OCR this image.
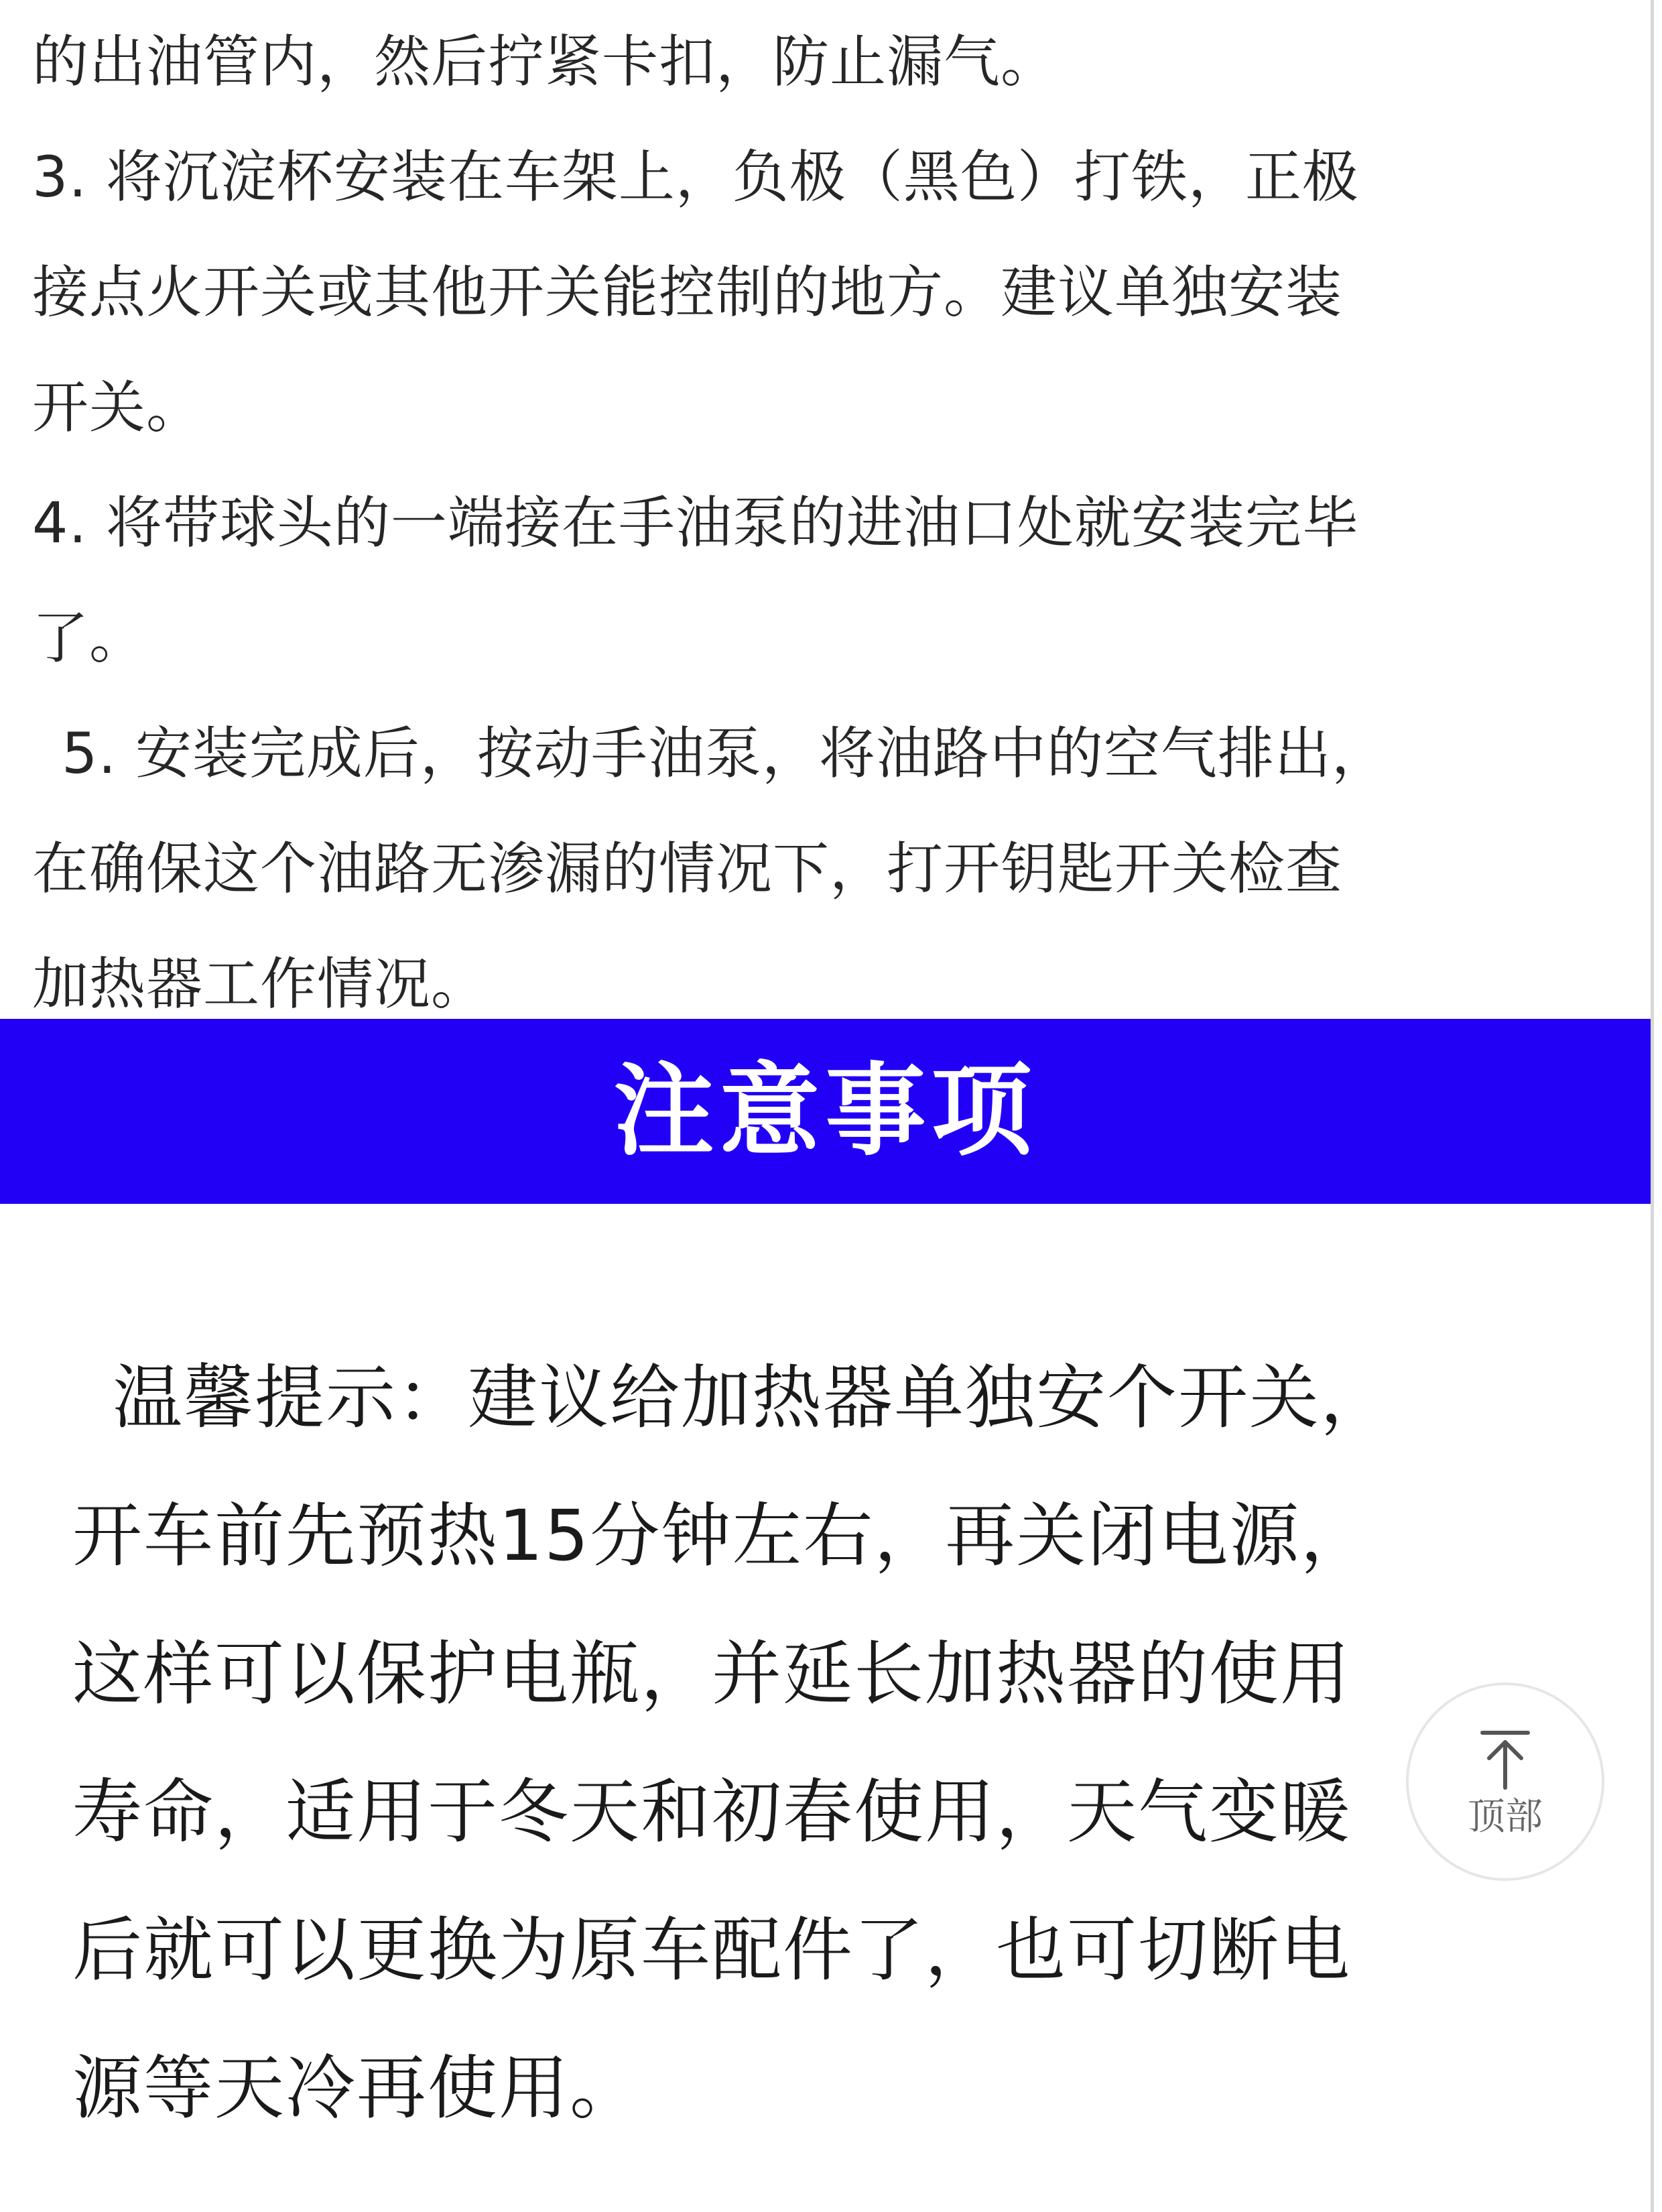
的出油管内，然后拧紧卡扣，防止漏气。
3. 将沉淀杯安装在车架上，负极（黑色）打铁，正极
接点火开关或其他开关能控制的地方。建议单独安装
开关。
4. 将带球头的一端接在手油泵的进油口处就安装完毕
了。
5. 安装完成后，按动手油泵，将油路中的空气排出，
在确保这个油路无渗漏的情况下，打开钥匙开关检查
加热器工作情况。
注意事项
温馨提示：建议给加热器单独安个开关，
开车前先预热15分钟左右，再关闭电源，
这样可以保护电瓶，并延长加热器的使用
寿命，适用于冬天和初春使用，天气变暖
后就可以更换为原车配件了，也可切断电
源等天冷再使用。
顶部
